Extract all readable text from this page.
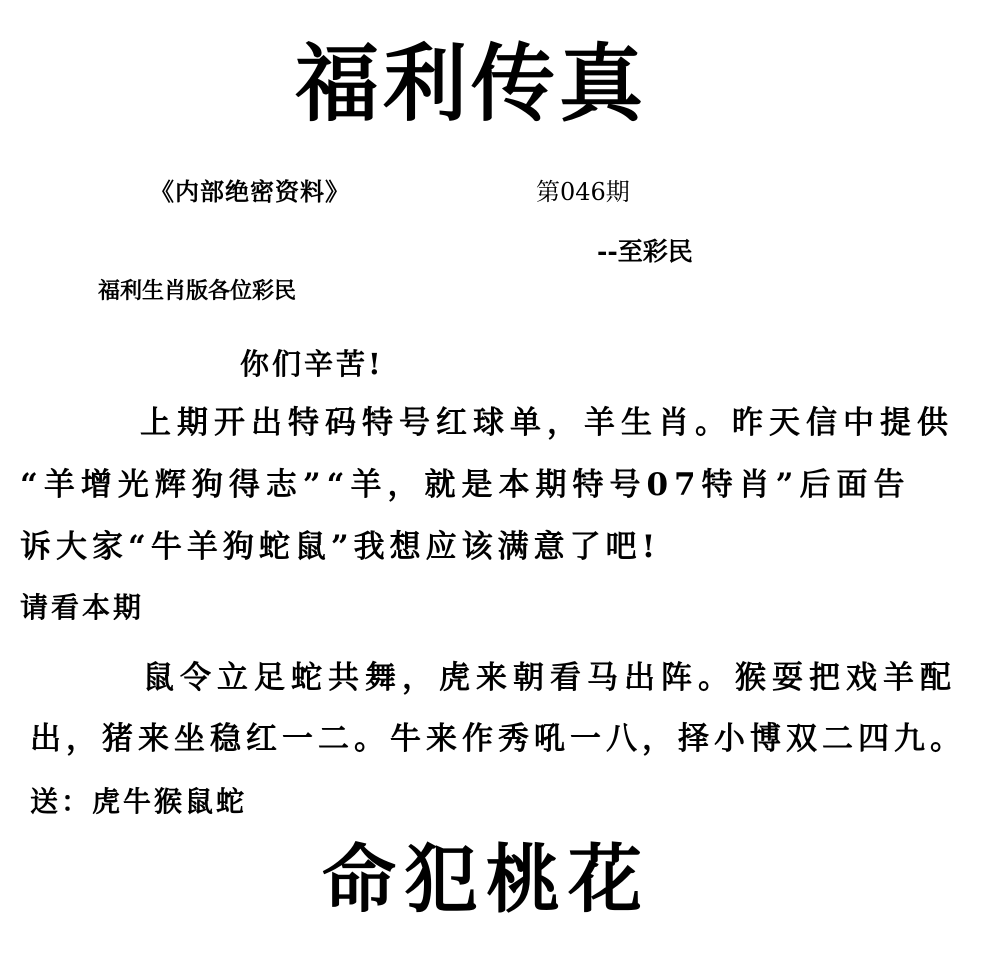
福利传真
《内部绝密资料》	第046期
--至彩民
福利生肖版各位彩民
你们辛苦!
上期开出特码特号红球单，羊生肖。昨天信中提供
“羊增光辉狗得志”“羊，就是本期特号07特肖”后面告
诉大家“牛羊狗蛇鼠”我想应该满意了吧!
请看本期
鼠令立足蛇共舞，虎来朝看马出阵。猴耍把戏羊配
出，猪来坐稳红一二。牛来作秀吼一八，择小博双二四九。
送：虎牛猴鼠蛇
命犯桃花
